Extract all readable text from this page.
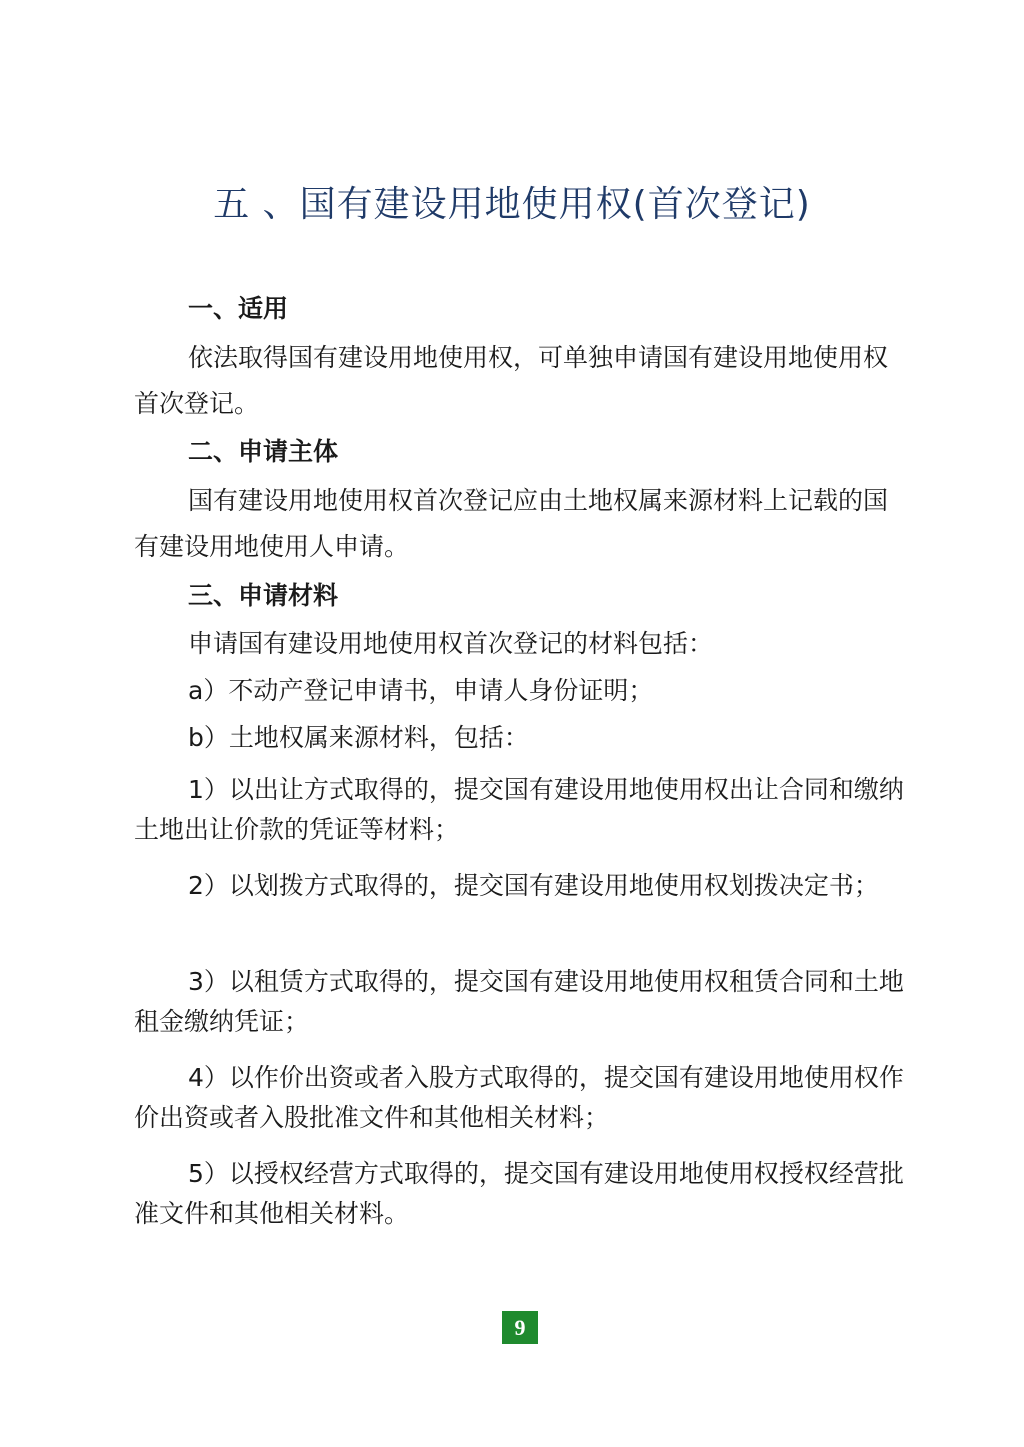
五 、国有建设用地使用权(首次登记)
一、适用

依法取得国有建设用地使用权，可单独申请国有建设用地使用权首次登记。

二、申请主体

国有建设用地使用权首次登记应由土地权属来源材料上记载的国有建设用地使用人申请。

三、申请材料
申请国有建设用地使用权首次登记的材料包括：
a）不动产登记申请书，申请人身份证明；
b）土地权属来源材料，包括：

1）以出让方式取得的，提交国有建设用地使用权出让合同和缴纳土地出让价款的凭证等材料；

2）以划拨方式取得的，提交国有建设用地使用权划拨决定书；

3）以租赁方式取得的，提交国有建设用地使用权租赁合同和土地租金缴纳凭证；

4）以作价出资或者入股方式取得的，提交国有建设用地使用权作价出资或者入股批准文件和其他相关材料；

5）以授权经营方式取得的，提交国有建设用地使用权授权经营批准文件和其他相关材料。

9
